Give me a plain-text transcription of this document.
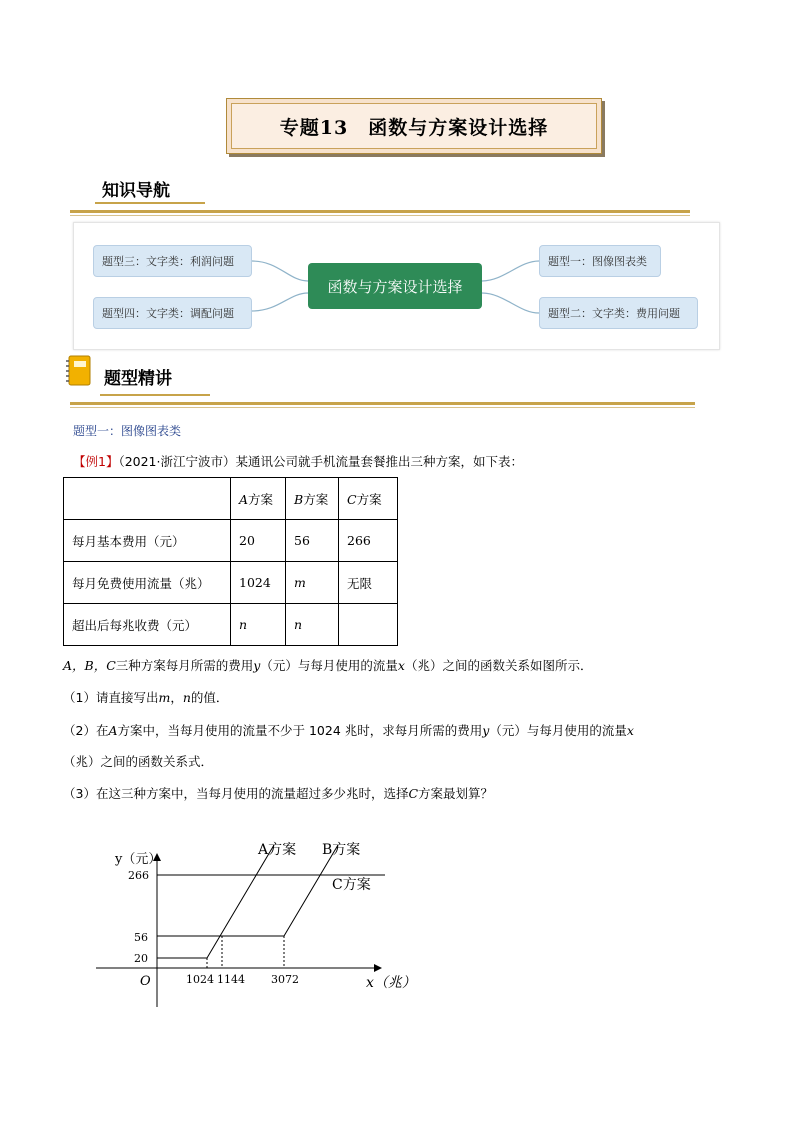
专题13　函数与方案设计选择
知识导航
题型三：文字类：利润问题
题型四：文字类：调配问题
函数与方案设计选择
题型一：图像图表类
题型二：文字类：费用问题
题型精讲
题型一：图像图表类
【例1】（2021·浙江宁波市）某通讯公司就手机流量套餐推出三种方案，如下表：
	A方案	B方案	C方案
每月基本费用（元）	20	56	266
每月免费使用流量（兆）	1024	m	无限
超出后每兆收费（元）	n	n	
A，B，C三种方案每月所需的费用y（元）与每月使用的流量x（兆）之间的函数关系如图所示．
（1）请直接写出m，n的值．
（2）在A方案中，当每月使用的流量不少于 1024 兆时，求每月所需的费用y（元）与每月使用的流量x
（兆）之间的函数关系式．
（3）在这三种方案中，当每月使用的流量超过多少兆时，选择C方案最划算？
y（元）
x（兆）
O
266
56
20
1024 1144 3072
A方案 B方案
C方案
